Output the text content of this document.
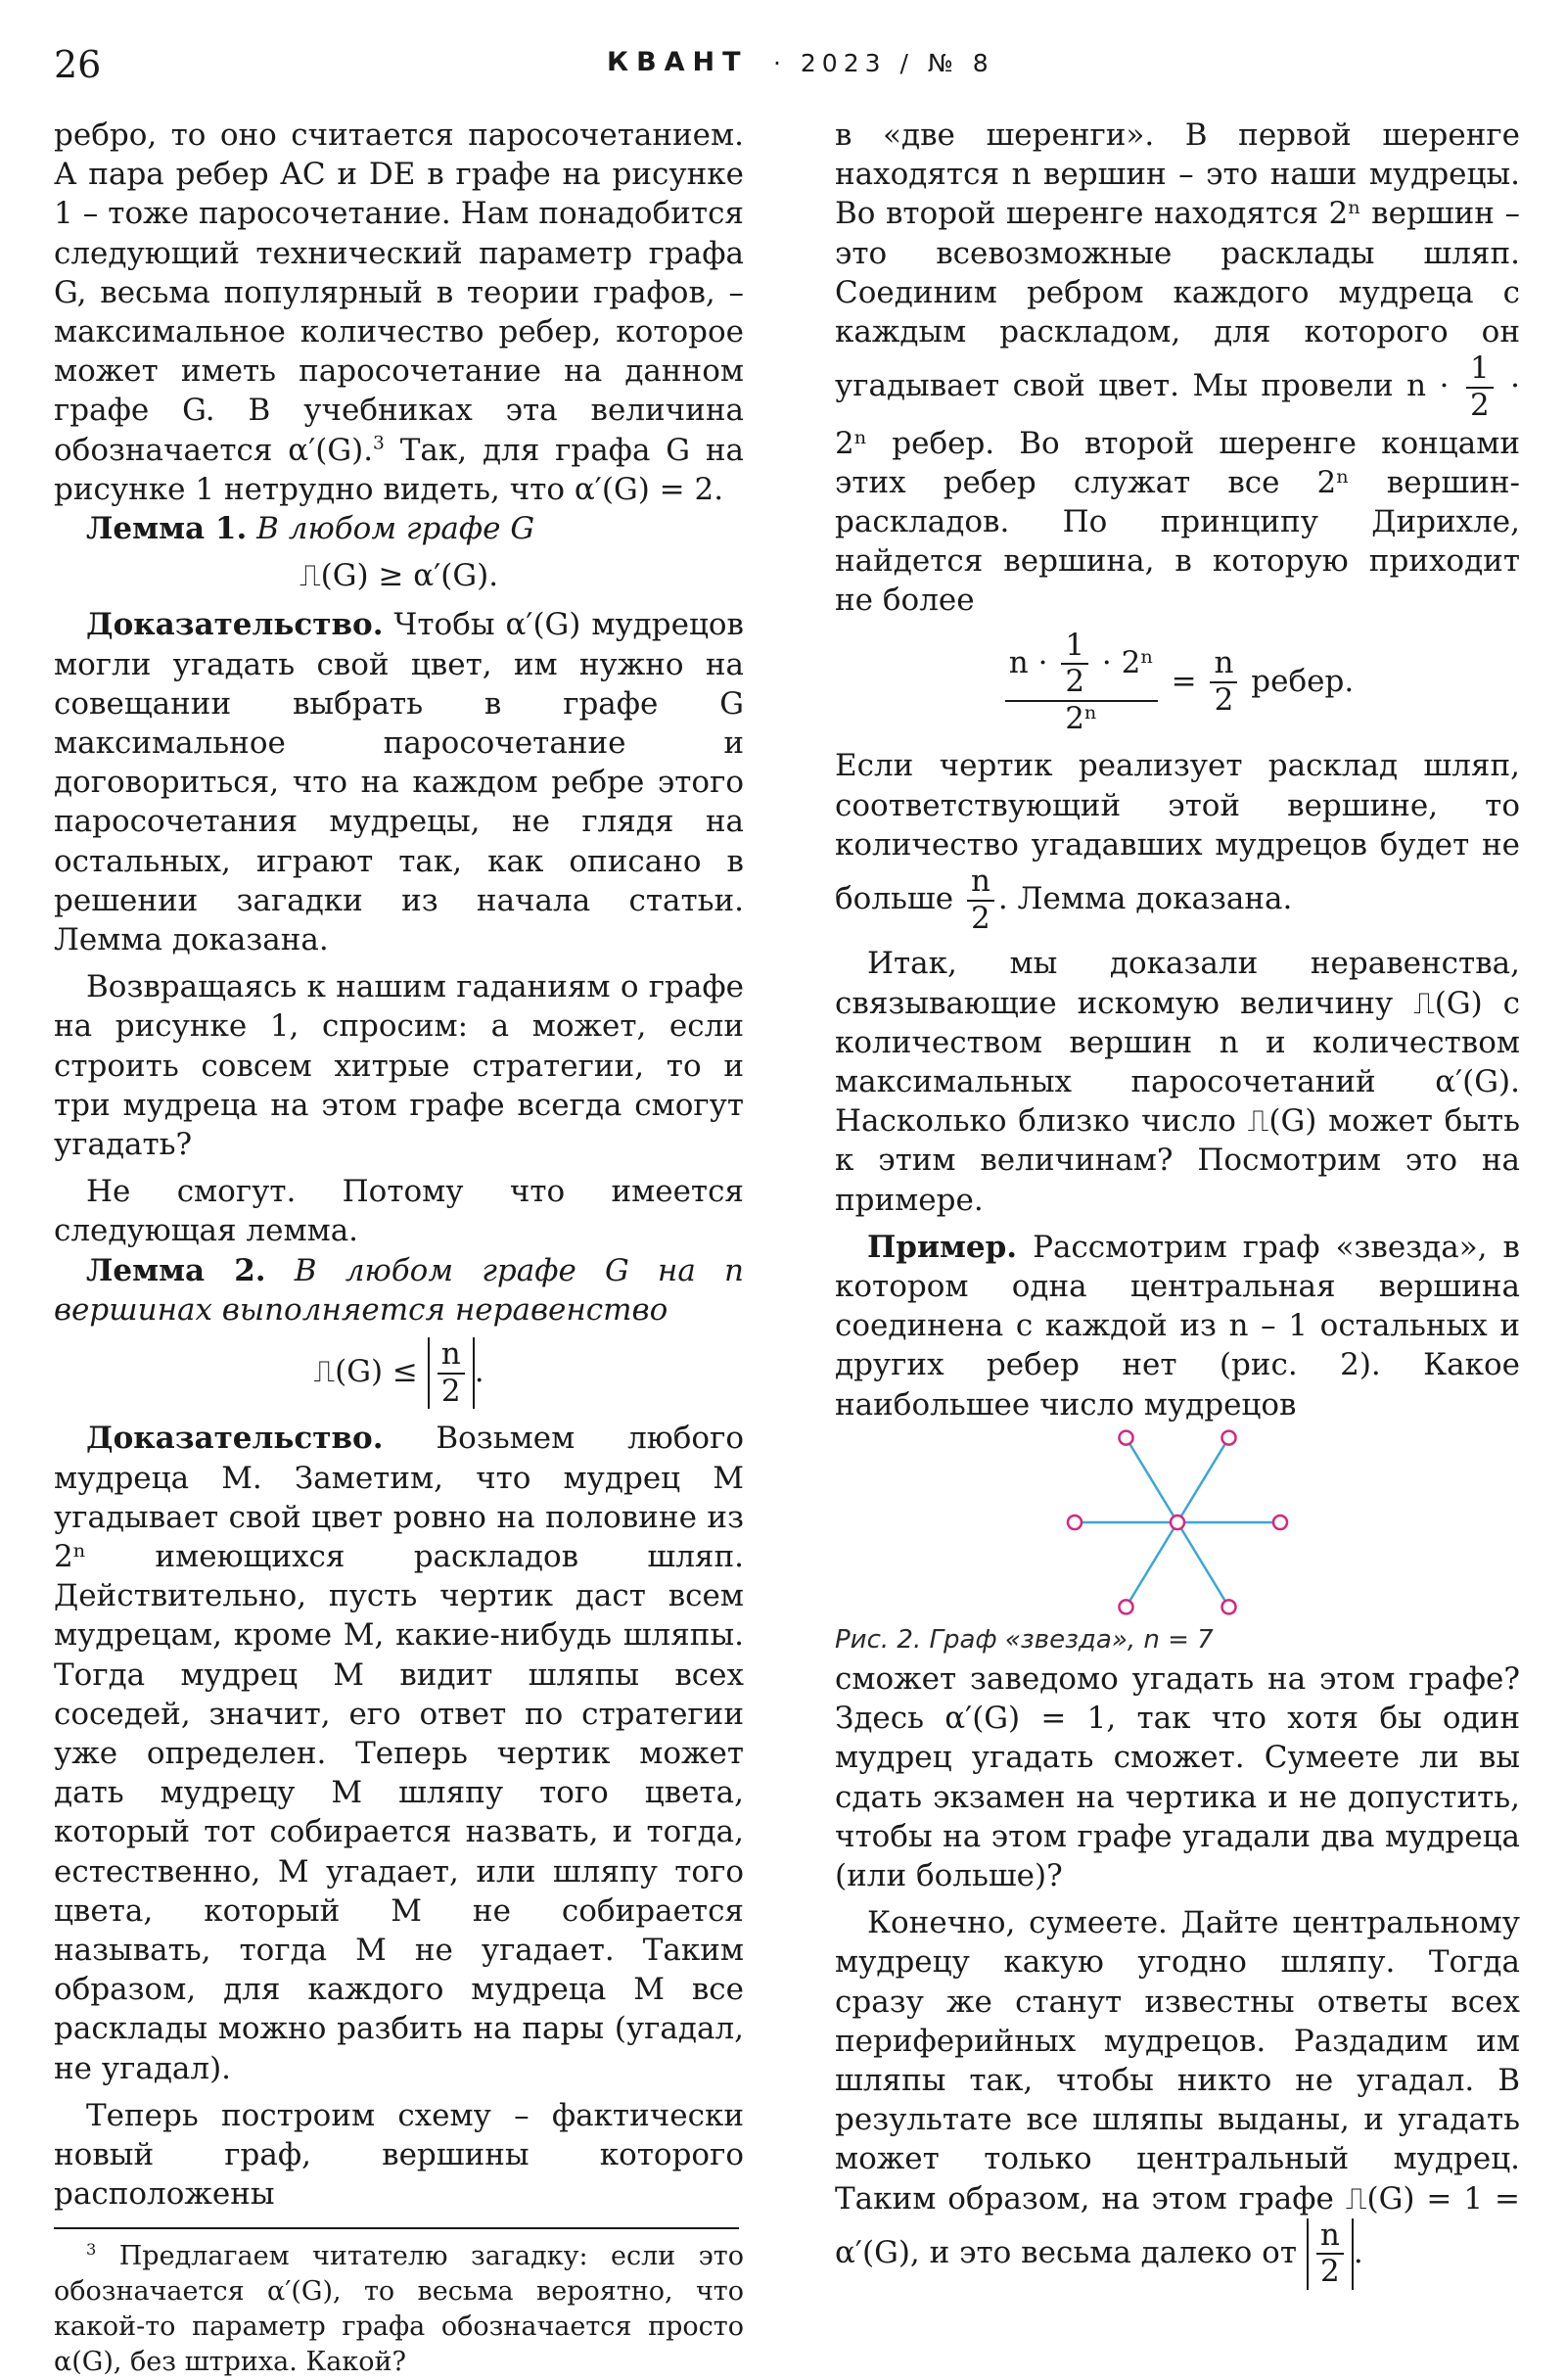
26	КВАНТ · 2023 / № 8

ребро, то оно считается паросочетанием. А пара ребер AC и DE в графе на рисунке 1 – тоже паросочетание. Нам понадобится следующий технический параметр графа G, весьма популярный в теории графов, – максимальное количество ребер, которое может иметь паросочетание на данном графе G. В учебниках эта величина обозначается α′(G).$^3$ Так, для графа G на рисунке 1 нетрудно видеть, что α′(G) = 2.

Лемма 1. В любом графе G

⎍(G) ≥ α′(G).

Доказательство. Чтобы α′(G) мудрецов могли угадать свой цвет, им нужно на совещании выбрать в графе G максимальное паросочетание и договориться, что на каждом ребре этого паросочетания мудрецы, не глядя на остальных, играют так, как описано в решении загадки из начала статьи. Лемма доказана.

Возвращаясь к нашим гаданиям о графе на рисунке 1, спросим: а может, если строить совсем хитрые стратегии, то и три мудреца на этом графе всегда смогут угадать?

Не смогут. Потому что имеется следующая лемма.

Лемма 2. В любом графе G на n вершинах выполняется неравенство

⎍(G) ≤ $\frac{n}{2}$ .

Доказательство. Возьмем любого мудреца M. Заметим, что мудрец M угадывает свой цвет ровно на половине из 2ⁿ имеющихся раскладов шляп. Действительно, пусть чертик даст всем мудрецам, кроме M, какие-нибудь шляпы. Тогда мудрец M видит шляпы всех соседей, значит, его ответ по стратегии уже определен. Теперь чертик может дать мудрецу M шляпу того цвета, который тот собирается назвать, и тогда, естественно, M угадает, или шляпу того цвета, который M не собирается называть, тогда M не угадает. Таким образом, для каждого мудреца M все расклады можно разбить на пары (угадал, не угадал).

Теперь построим схему – фактически новый граф, вершины которого расположены

$^3$ Предлагаем читателю загадку: если это обозначается α′(G), то весьма вероятно, что какой-то параметр графа обозначается просто α(G), без штриха. Какой?

в «две шеренги». В первой шеренге находятся n вершин – это наши мудрецы. Во второй шеренге находятся 2ⁿ вершин – это всевозможные расклады шляп. Соединим ребром каждого мудреца с каждым раскладом, для которого он угадывает свой цвет. Мы провели $n \cdot \frac{1}{2} \cdot 2^n$ ребер. Во второй шеренге концами этих ребер служат все 2ⁿ вершин-раскладов. По принципу Дирихле, найдется вершина, в которую приходит не более

$\frac{n \cdot \frac{1}{2} \cdot 2^n}{\text{2ⁿ}} = \frac{n}{2}$ ребер.

Если чертик реализует расклад шляп, соответствующий этой вершине, то количество угадавших мудрецов будет не больше $\frac{n}{2}$ . Лемма доказана.

Итак, мы доказали неравенства, связывающие искомую величину ⎍(G) с количеством вершин n и количеством максимальных паросочетаний α′(G). Насколько близко число ⎍(G) может быть к этим величинам? Посмотрим это на примере.

Пример. Рассмотрим граф «звезда», в котором одна центральная вершина соединена с каждой из n – 1 остальных и других ребер нет (рис. 2). Какое наибольшее число мудрецов

Рис. 2. Граф «звезда», n = 7

сможет заведомо угадать на этом графе? Здесь α′(G) = 1, так что хотя бы один мудрец угадать сможет. Сумеете ли вы сдать экзамен на чертика и не допустить, чтобы на этом графе угадали два мудреца (или больше)?

Конечно, сумеете. Дайте центральному мудрецу какую угодно шляпу. Тогда сразу же станут известны ответы всех периферийных мудрецов. Раздадим им шляпы так, чтобы никто не угадал. В результате все шляпы выданы, и угадать может только центральный мудрец. Таким образом, на этом графе ⎍(G) = 1 = α′(G), и это весьма далеко от $\frac{n}{2}$ .
